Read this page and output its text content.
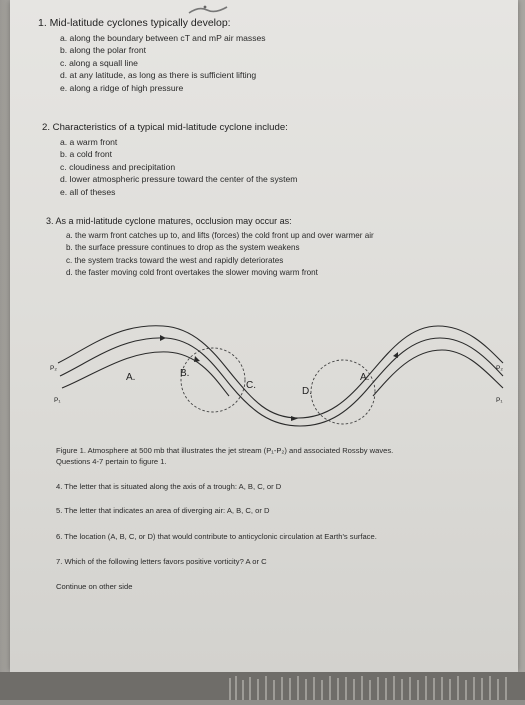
1. Mid-latitude cyclones typically develop:
a. along the boundary between cT and mP air masses
b. along the polar front
c. along a squall line
d. at any latitude, as long as there is sufficient lifting
e. along a ridge of high pressure
2. Characteristics of a typical mid-latitude cyclone include:
a. a warm front
b. a cold front
c. cloudiness and precipitation
d. lower atmospheric pressure toward the center of the system
e. all of theses
3. As a mid-latitude cyclone matures, occlusion may occur as:
a. the warm front catches up to, and lifts (forces) the cold front up and over warmer air
b. the surface pressure continues to drop as the system weakens
c. the system tracks toward the west and rapidly deteriorates
d. the faster moving cold front overtakes the slower moving warm front
A.	B.
C.
D.
A.
P₂
P₁
P₂
P₁
Figure 1. Atmosphere at 500 mb that illustrates the jet stream (P₁-P₂) and associated Rossby waves.
Questions 4-7 pertain to figure 1.
4. The letter that is situated along the axis of a trough: A, B, C, or D
5. The letter that indicates an area of diverging air: A, B, C, or D
6. The location (A, B, C, or D) that would contribute to anticyclonic circulation at Earth's surface.
7. Which of the following letters favors positive vorticity? A or C
Continue on other side
